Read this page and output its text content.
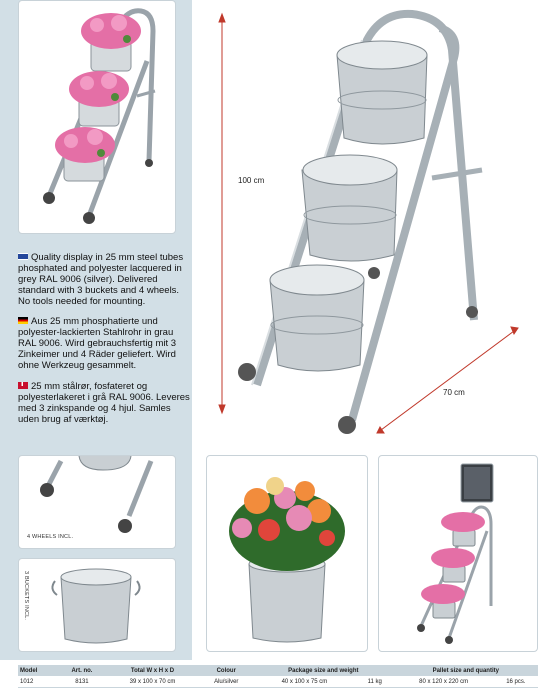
Quality display in 25 mm steel tubes phosphated and polyester lacquered in grey RAL 9006 (silver). Delivered standard with 3 buckets and 4 wheels. No tools needed for mounting.
Aus 25 mm phosphatierte und polyester-lackierten Stahlrohr in grau RAL 9006. Wird gebrauchsfertig mit 3 Zinkeimer und 4 Räder geliefert. Wird ohne Werkzeug gesammelt.
25 mm stålrør, fosfateret og polyesterlakeret i grå RAL 9006. Leveres med 3 zinkspande og 4 hjul. Samles uden brug af værktøj.
100 cm
70 cm
4 WHEELS INCL.
3 BUCKETS INCL.
Model	Art. no.	Total W x H x D	Colour	Package size and weight		Pallet size and quantity	
1012	8131	39 x 100 x 70 cm	Alu/silver	40 x 100 x 75 cm	11 kg	80 x 120 x 220 cm	16 pcs.
